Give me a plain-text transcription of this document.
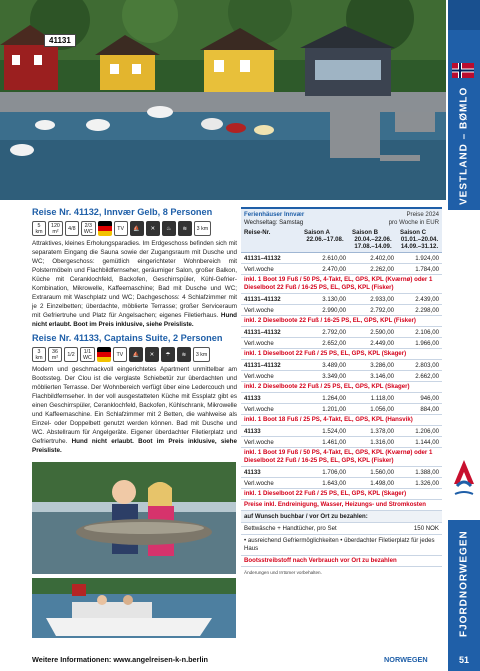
41131
VESTLAND – BØMLO
FJORDNORWEGEN
Reise Nr. 41132, Innvær Gelb, 8 Personen
5
km
120
m² 4/8 2/3
WC	TV	⛵	✕	♨	≋	3 km

Attraktives, kleines Erholungsparadies. Im Erdgeschoss befinden sich mit separatem Eingang die Sauna sowie der Zugangsraum mit Dusche und WC; Obergeschoss: gemütlich eingerichteter Wohnbereich mit Polstermöbeln und Flachbildfernseher, geräumiger Salon, großer Balkon, Küche mit Ceranklochfeld, Backofen, Geschirrspüler, Kühl-Gefrier-Kombination, Mikrowelle, Kaffeemaschine; Bad mit Dusche und WC; Extraraum mit Waschplatz und WC; Dachgeschoss: 4 Schlafzimmer mit je 2 Einzelbetten; überdachte, möblierte Terrasse; großer Serviceraum mit Gefriertruhe und Platz für Angelsachen; eigenes Filetierhaus. Hund nicht erlaubt. Boot im Preis inklusive, siehe Preisliste.

Reise Nr. 41133, Captains Suite, 2 Personen
3
km
36
m² 1/2 1/1
WC	TV	⛵	✕	☂	≋	3 km

Modern und geschmackvoll eingerichtetes Apartment unmittelbar am Bootssteg. Der Clou ist die verglaste Schiebetür zur überdachten und möblierten Terrasse. Der Wohnbereich verfügt über eine Ledercouch und Flachbildfernseher. In der voll ausgestatteten Küche mit Essplatz gibt es einen Geschirrspüler, Ceranklochfeld, Backofen, Kühlschrank, Mikrowelle und Kaffeemaschine. Ein Schlafzimmer mit 2 Betten, die wahlweise als Einzel- oder Doppelbett genutzt werden können. Bad mit Dusche und WC. Abstellraum für Angelgeräte. Eigener überdachter Filetierplatz und Gefriertruhe. Hund nicht erlaubt. Boot im Preis inklusive, siehe Preisliste.

Ferienhäuser Innvær
Wechseltag: Samstag
Preise 2024
pro Woche in EUR
Reise-Nr.	Saison A
22.06.–17.08.
Saison B
20.04.–22.06.
17.08.–14.09.
Saison C
01.01.–20.04.
14.09.–31.12.
41131–41132	2.610,00	2.402,00	1.924,00
Verl.woche	2.470,00	2.262,00	1.784,00
inkl. 1 Boot 19 Fuß / 50 PS, 4-Takt, EL, GPS, KPL (Kværnø) oder 1 Dieselboot 22 Fuß / 16-25 PS, EL, GPS, KPL (Fisker)
41131–41132	3.130,00	2.933,00	2.439,00
Verl.woche	2.990,00	2.792,00	2.298,00
inkl. 2 Dieselboote 22 Fuß / 16-25 PS, EL, GPS, KPL (Fisker)
41131–41132	2.792,00	2.590,00	2.106,00
Verl.woche	2.652,00	2.449,00	1.966,00
inkl. 1 Dieselboot 22 Fuß / 25 PS, EL, GPS, KPL (Skager)
41131–41132	3.489,00	3.286,00	2.803,00
Verl.woche	3.349,00	3.146,00	2.662,00
inkl. 2 Dieselboote 22 Fuß / 25 PS, EL, GPS, KPL (Skager)
41133	1.264,00	1.118,00	946,00
Verl.woche	1.201,00	1.056,00	884,00
inkl. 1 Boot 18 Fuß / 25 PS, 4-Takt, EL, GPS, KPL (Hansvik)
41133	1.524,00	1.378,00	1.206,00
Verl.woche	1.461,00	1.316,00	1.144,00
inkl. 1 Boot 19 Fuß / 50 PS, 4-Takt, EL, GPS, KPL (Kværnø) oder 1 Dieselboot 22 Fuß / 16-25 PS, EL, GPS, KPL (Fisker)
41133	1.706,00	1.560,00	1.388,00
Verl.woche	1.643,00	1.498,00	1.326,00
inkl. 1 Dieselboot 22 Fuß / 25 PS, EL, GPS, KPL (Skager)
Preise inkl. Endreinigung, Wasser, Heizungs- und Stromkosten
auf Wunsch buchbar / vor Ort zu bezahlen:
Bettwäsche + Handtücher, pro Set	150 NOK
• ausreichend Gefriermöglichkeiten • überdachter Filetierplatz für jedes Haus
Bootsstreibstoff nach Verbrauch vor Ort zu bezahlen
Änderungen und Irrtümer vorbehalten.
Weitere Informationen: www.angelreisen-k-n.berlin	NORWEGEN	51
